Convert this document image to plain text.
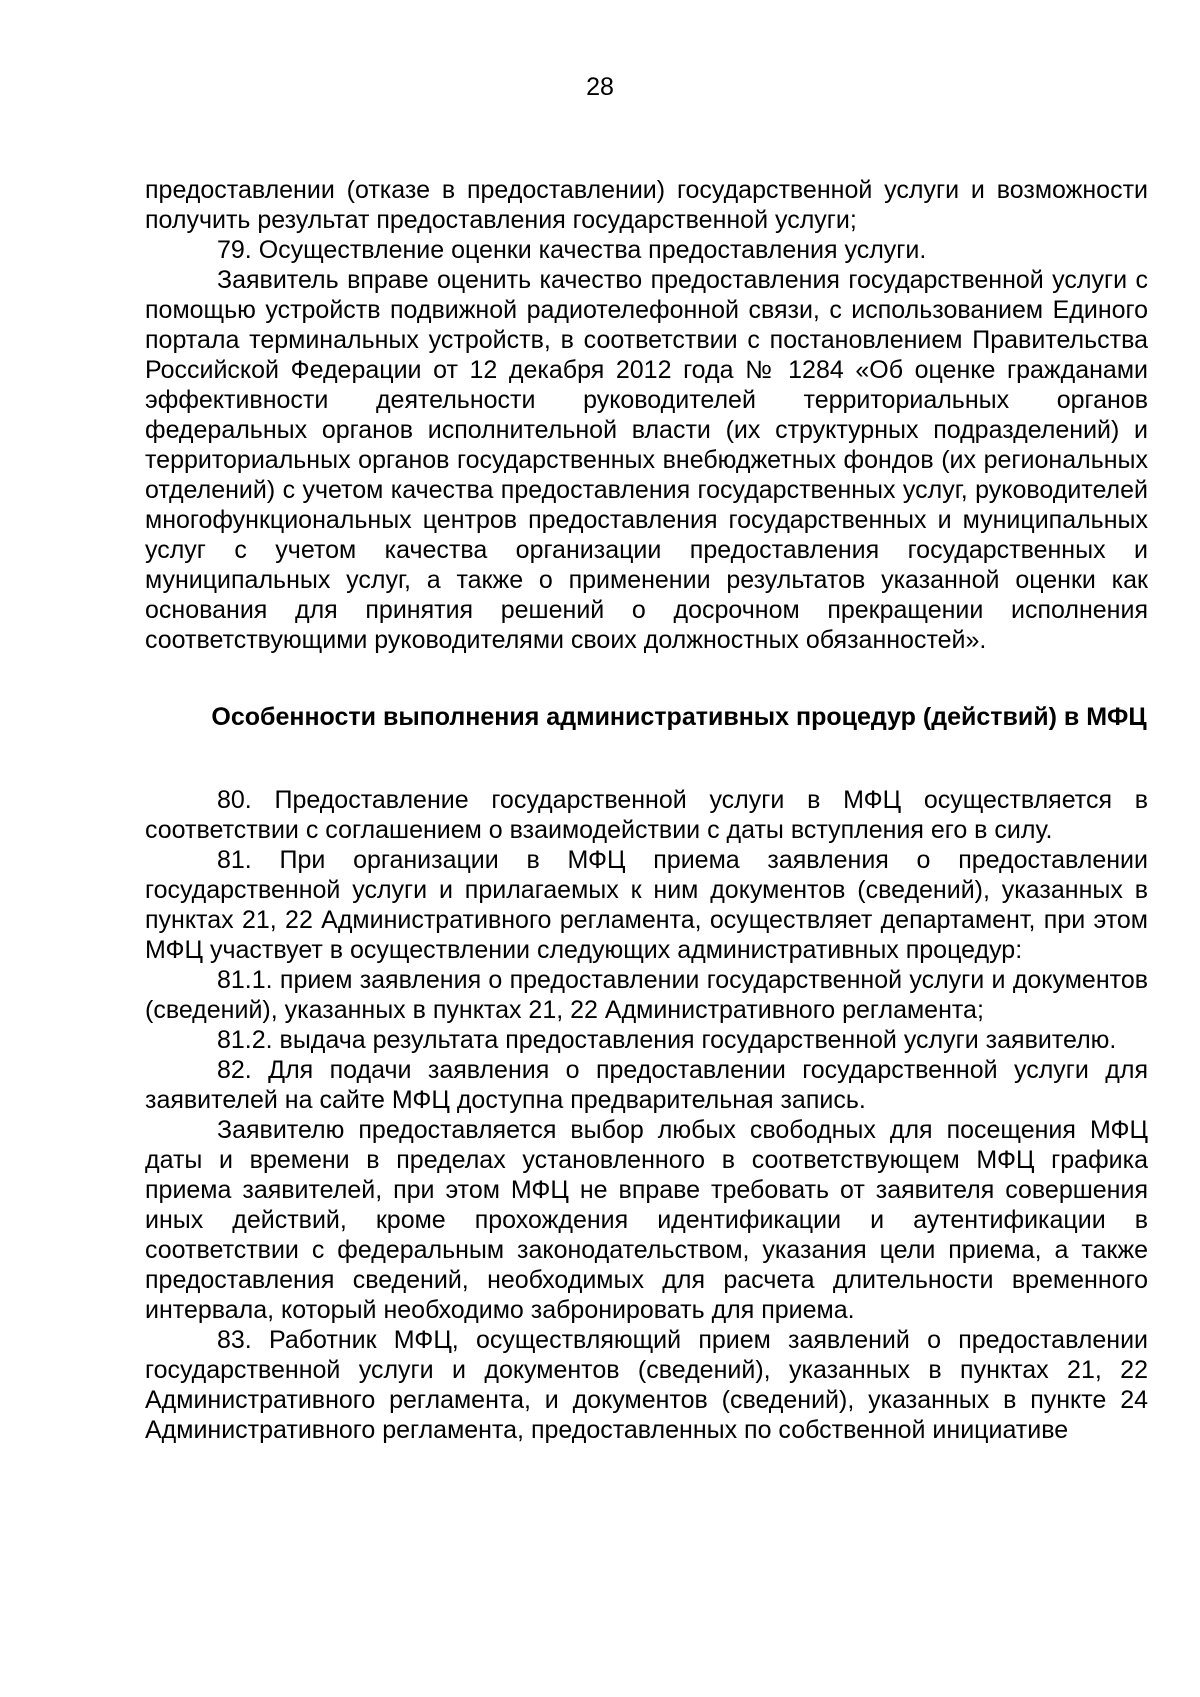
28

предоставлении (отказе в предоставлении) государственной услуги и возможности получить результат предоставления государственной услуги;

79. Осуществление оценки качества предоставления услуги.

Заявитель вправе оценить качество предоставления государственной услуги с помощью устройств подвижной радиотелефонной связи, с использованием Единого портала терминальных устройств, в соответствии с постановлением Правительства Российской Федерации от 12 декабря 2012 года № 1284 «Об оценке гражданами эффективности деятельности руководителей территориальных органов федеральных органов исполнительной власти (их структурных подразделений) и территориальных органов государственных внебюджетных фондов (их региональных отделений) с учетом качества предоставления государственных услуг, руководителей многофункциональных центров предоставления государственных и муниципальных услуг с учетом качества организации предоставления государственных и муниципальных услуг, а также о применении результатов указанной оценки как основания для принятия решений о досрочном прекращении исполнения соответствующими руководителями своих должностных обязанностей».

Особенности выполнения административных процедур (действий) в МФЦ

80. Предоставление государственной услуги в МФЦ осуществляется в соответствии с соглашением о взаимодействии с даты вступления его в силу.

81. При организации в МФЦ приема заявления о предоставлении государственной услуги и прилагаемых к ним документов (сведений), указанных в пунктах 21, 22 Административного регламента, осуществляет департамент, при этом МФЦ участвует в осуществлении следующих административных процедур:

81.1. прием заявления о предоставлении государственной услуги и документов (сведений), указанных в пунктах 21, 22 Административного регламента;

81.2. выдача результата предоставления государственной услуги заявителю.

82. Для подачи заявления о предоставлении государственной услуги для заявителей на сайте МФЦ доступна предварительная запись.

Заявителю предоставляется выбор любых свободных для посещения МФЦ даты и времени в пределах установленного в соответствующем МФЦ графика приема заявителей, при этом МФЦ не вправе требовать от заявителя совершения иных действий, кроме прохождения идентификации и аутентификации в соответствии с федеральным законодательством, указания цели приема, а также предоставления сведений, необходимых для расчета длительности временного интервала, который необходимо забронировать для приема.

83. Работник МФЦ, осуществляющий прием заявлений о предоставлении государственной услуги и документов (сведений), указанных в пунктах 21, 22 Административного регламента, и документов (сведений), указанных в пункте 24 Административного регламента, предоставленных по собственной инициативе
